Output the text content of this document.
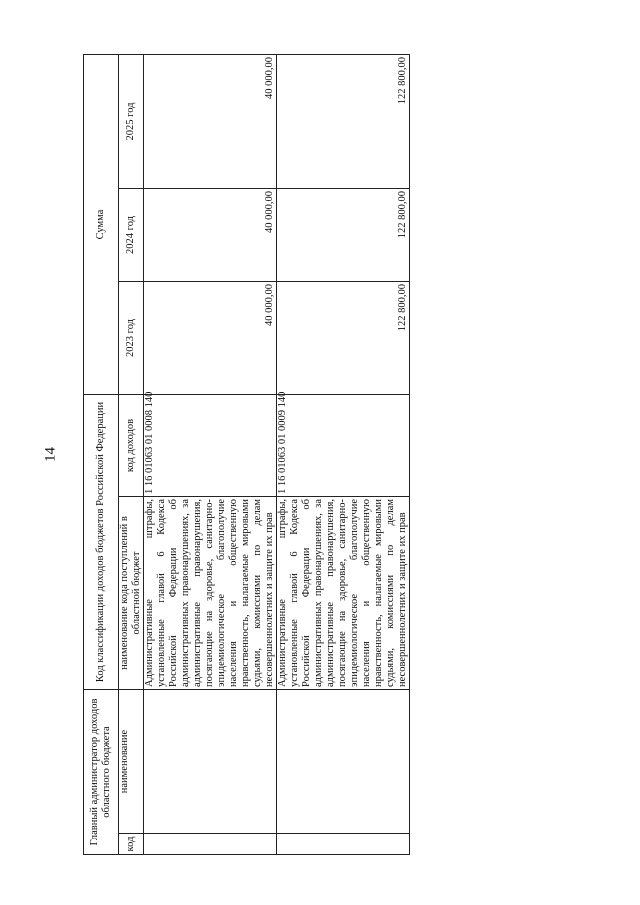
14
Главный администратор доходов областного бюджета		Код классификации доходов бюджетов Российской Федерации		Сумма		
код	наименование	наименование кода поступлений в областной бюджет	код доходов	2023 год	2024 год	2025 год
		Административные штрафы, установленные главой 6 Кодекса Российской Федерации об административных правонарушениях, за административные правонарушения, посягающие на здоровье, санитарно-эпидемиологическое благополучие населения и общественную нравственность, налагаемые мировыми судьями, комиссиями по делам несовершеннолетних и защите их прав	1 16 01063 01 0008 140	40 000,00	40 000,00	40 000,00
		Административные штрафы, установленные главой 6 Кодекса Российской Федерации об административных правонарушениях, за административные правонарушения, посягающие на здоровье, санитарно-эпидемиологическое благополучие населения и общественную нравственность, налагаемые мировыми судьями, комиссиями по делам несовершеннолетних и защите их прав	1 16 01063 01 0009 140	122 800,00	122 800,00	122 800,00
